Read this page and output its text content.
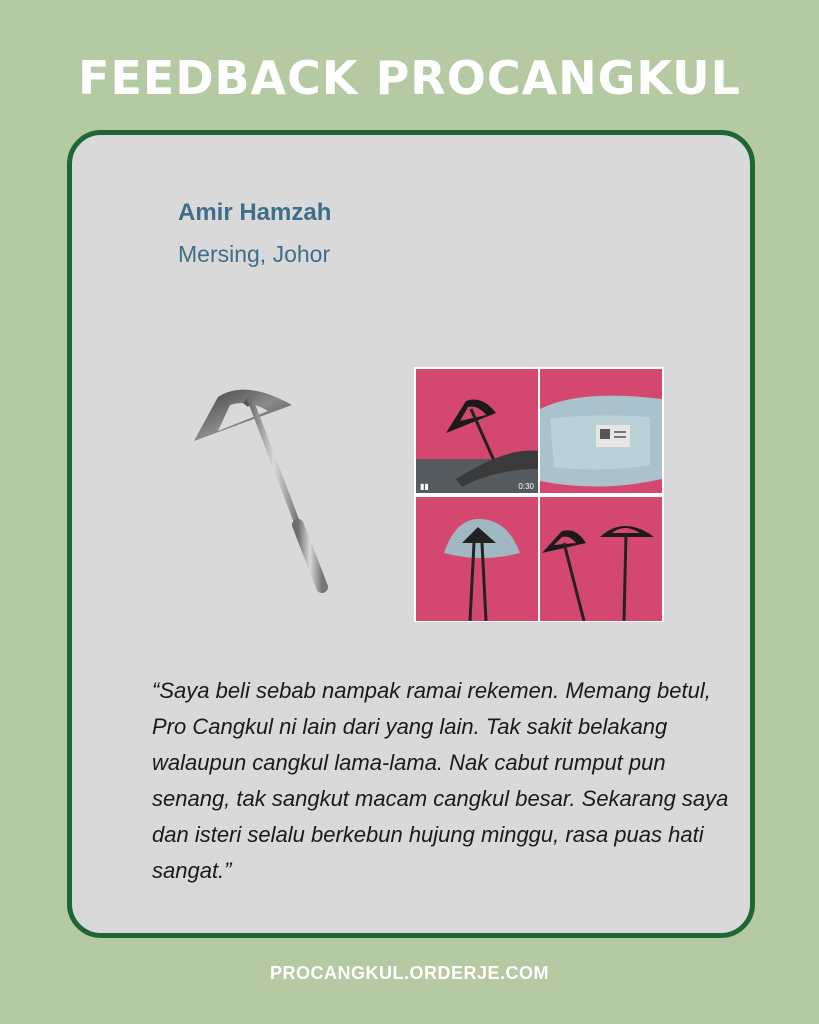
FEEDBACK PROCANGKUL
Amir Hamzah
Mersing, Johor
▮▮	0:30

“Saya beli sebab nampak ramai rekemen. Memang betul, Pro Cangkul ni lain dari yang lain. Tak sakit belakang walaupun cangkul lama-lama. Nak cabut rumput pun senang, tak sangkut macam cangkul besar. Sekarang saya dan isteri selalu berkebun hujung minggu, rasa puas hati sangat.”

PROCANGKUL.ORDERJE.COM
